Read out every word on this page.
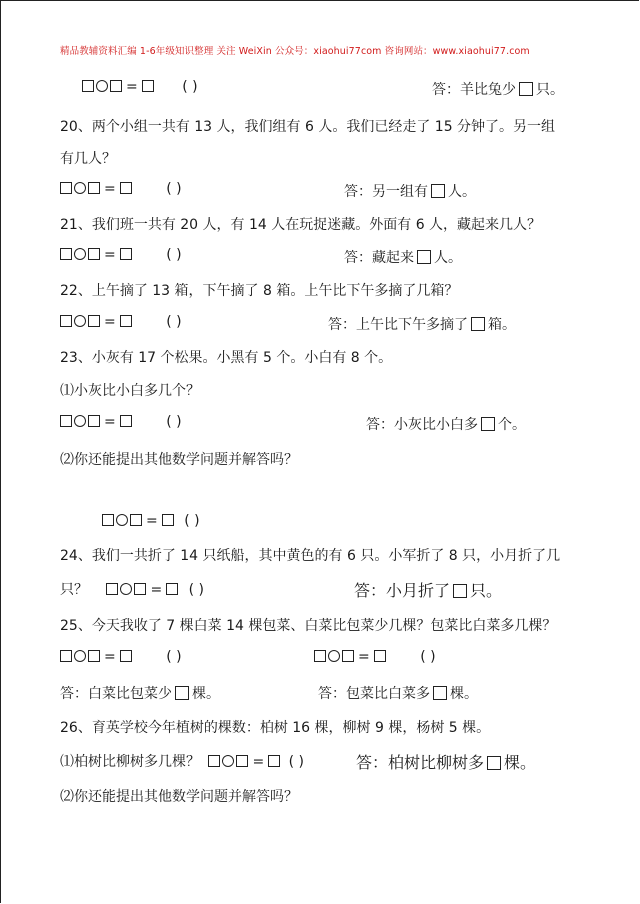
精品教辅资料汇编 1-6年级知识整理 关注 WeiXin 公众号：xiaohui77com 咨询网站：www.xiaohui77.com
=	( )	答：羊比兔少 只。
20、两个小组一共有 13 人，我们组有 6 人。我们已经走了 15 分钟了。另一组
有几人？
=	( )	答：另一组有 人。
21、我们班一共有 20 人，有 14 人在玩捉迷藏。外面有 6 人，藏起来几人？
=	( )	答：藏起来 人。
22、上午摘了 13 箱，下午摘了 8 箱。上午比下午多摘了几箱？
=	( )	答：上午比下午多摘了 箱。
23、小灰有 17 个松果。小黑有 5 个。小白有 8 个。
⑴小灰比小白多几个？
=	( )	答：小灰比小白多 个。
⑵你还能提出其他数学问题并解答吗？
= ( )
24、我们一共折了 14 只纸船，其中黄色的有 6 只。小军折了 8 只，小月折了几
只？	= ( )	答：小月折了 只。
25、今天我收了 7 棵白菜 14 棵包菜、白菜比包菜少几棵？包菜比白菜多几棵？
=	( )	=	( )
答：白菜比包菜少 棵。	答：包菜比白菜多 棵。
26、育英学校今年植树的棵数：柏树 16 棵，柳树 9 棵，杨树 5 棵。
⑴柏树比柳树多几棵？	= ( )	答：柏树比柳树多 棵。
⑵你还能提出其他数学问题并解答吗？
